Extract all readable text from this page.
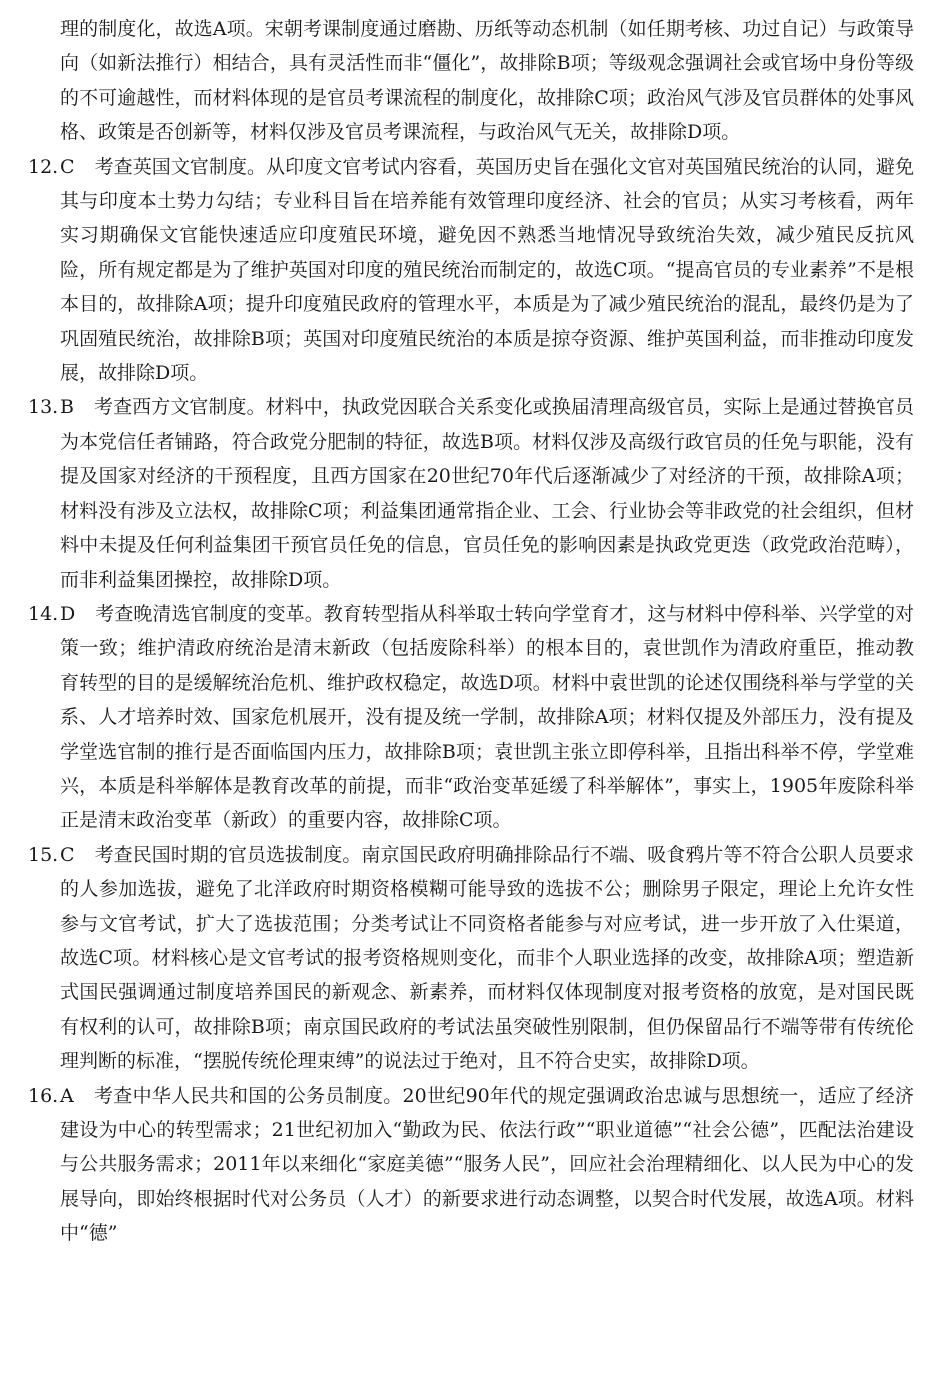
理的制度化，故选A项。宋朝考课制度通过磨勘、历纸等动态机制（如任期考核、功过自记）与政策导向（如新法推行）相结合，具有灵活性而非“僵化”，故排除B项；等级观念强调社会或官场中身份等级的不可逾越性，而材料体现的是官员考课流程的制度化，故排除C项；政治风气涉及官员群体的处事风格、政策是否创新等，材料仅涉及官员考课流程，与政治风气无关，故排除D项。

12. C 考查英国文官制度。从印度文官考试内容看，英国历史旨在强化文官对英国殖民统治的认同，避免其与印度本土势力勾结；专业科目旨在培养能有效管理印度经济、社会的官员；从实习考核看，两年实习期确保文官能快速适应印度殖民环境，避免因不熟悉当地情况导致统治失效，减少殖民反抗风险，所有规定都是为了维护英国对印度的殖民统治而制定的，故选C项。“提高官员的专业素养”不是根本目的，故排除A项；提升印度殖民政府的管理水平，本质是为了减少殖民统治的混乱，最终仍是为了巩固殖民统治，故排除B项；英国对印度殖民统治的本质是掠夺资源、维护英国利益，而非推动印度发展，故排除D项。
13. B 考查西方文官制度。材料中，执政党因联合关系变化或换届清理高级官员，实际上是通过替换官员为本党信任者铺路，符合政党分肥制的特征，故选B项。材料仅涉及高级行政官员的任免与职能，没有提及国家对经济的干预程度，且西方国家在20世纪70年代后逐渐减少了对经济的干预，故排除A项；材料没有涉及立法权，故排除C项；利益集团通常指企业、工会、行业协会等非政党的社会组织，但材料中未提及任何利益集团干预官员任免的信息，官员任免的影响因素是执政党更迭（政党政治范畴），而非利益集团操控，故排除D项。
14. D 考查晚清选官制度的变革。教育转型指从科举取士转向学堂育才，这与材料中停科举、兴学堂的对策一致；维护清政府统治是清末新政（包括废除科举）的根本目的，袁世凯作为清政府重臣，推动教育转型的目的是缓解统治危机、维护政权稳定，故选D项。材料中袁世凯的论述仅围绕科举与学堂的关系、人才培养时效、国家危机展开，没有提及统一学制，故排除A项；材料仅提及外部压力，没有提及学堂选官制的推行是否面临国内压力，故排除B项；袁世凯主张立即停科举，且指出科举不停，学堂难兴，本质是科举解体是教育改革的前提，而非“政治变革延缓了科举解体”，事实上，1905年废除科举正是清末政治变革（新政）的重要内容，故排除C项。
15. C 考查民国时期的官员选拔制度。南京国民政府明确排除品行不端、吸食鸦片等不符合公职人员要求的人参加选拔，避免了北洋政府时期资格模糊可能导致的选拔不公；删除男子限定，理论上允许女性参与文官考试，扩大了选拔范围；分类考试让不同资格者能参与对应考试，进一步开放了入仕渠道，故选C项。材料核心是文官考试的报考资格规则变化，而非个人职业选择的改变，故排除A项；塑造新式国民强调通过制度培养国民的新观念、新素养，而材料仅体现制度对报考资格的放宽，是对国民既有权利的认可，故排除B项；南京国民政府的考试法虽突破性别限制，但仍保留品行不端等带有传统伦理判断的标准，“摆脱传统伦理束缚”的说法过于绝对，且不符合史实，故排除D项。
16. A 考查中华人民共和国的公务员制度。20世纪90年代的规定强调政治忠诚与思想统一，适应了经济建设为中心的转型需求；21世纪初加入“勤政为民、依法行政”“职业道德”“社会公德”，匹配法治建设与公共服务需求；2011年以来细化“家庭美德”“服务人民”，回应社会治理精细化、以人民为中心的发展导向，即始终根据时代对公务员（人才）的新要求进行动态调整，以契合时代发展，故选A项。材料中“德”
